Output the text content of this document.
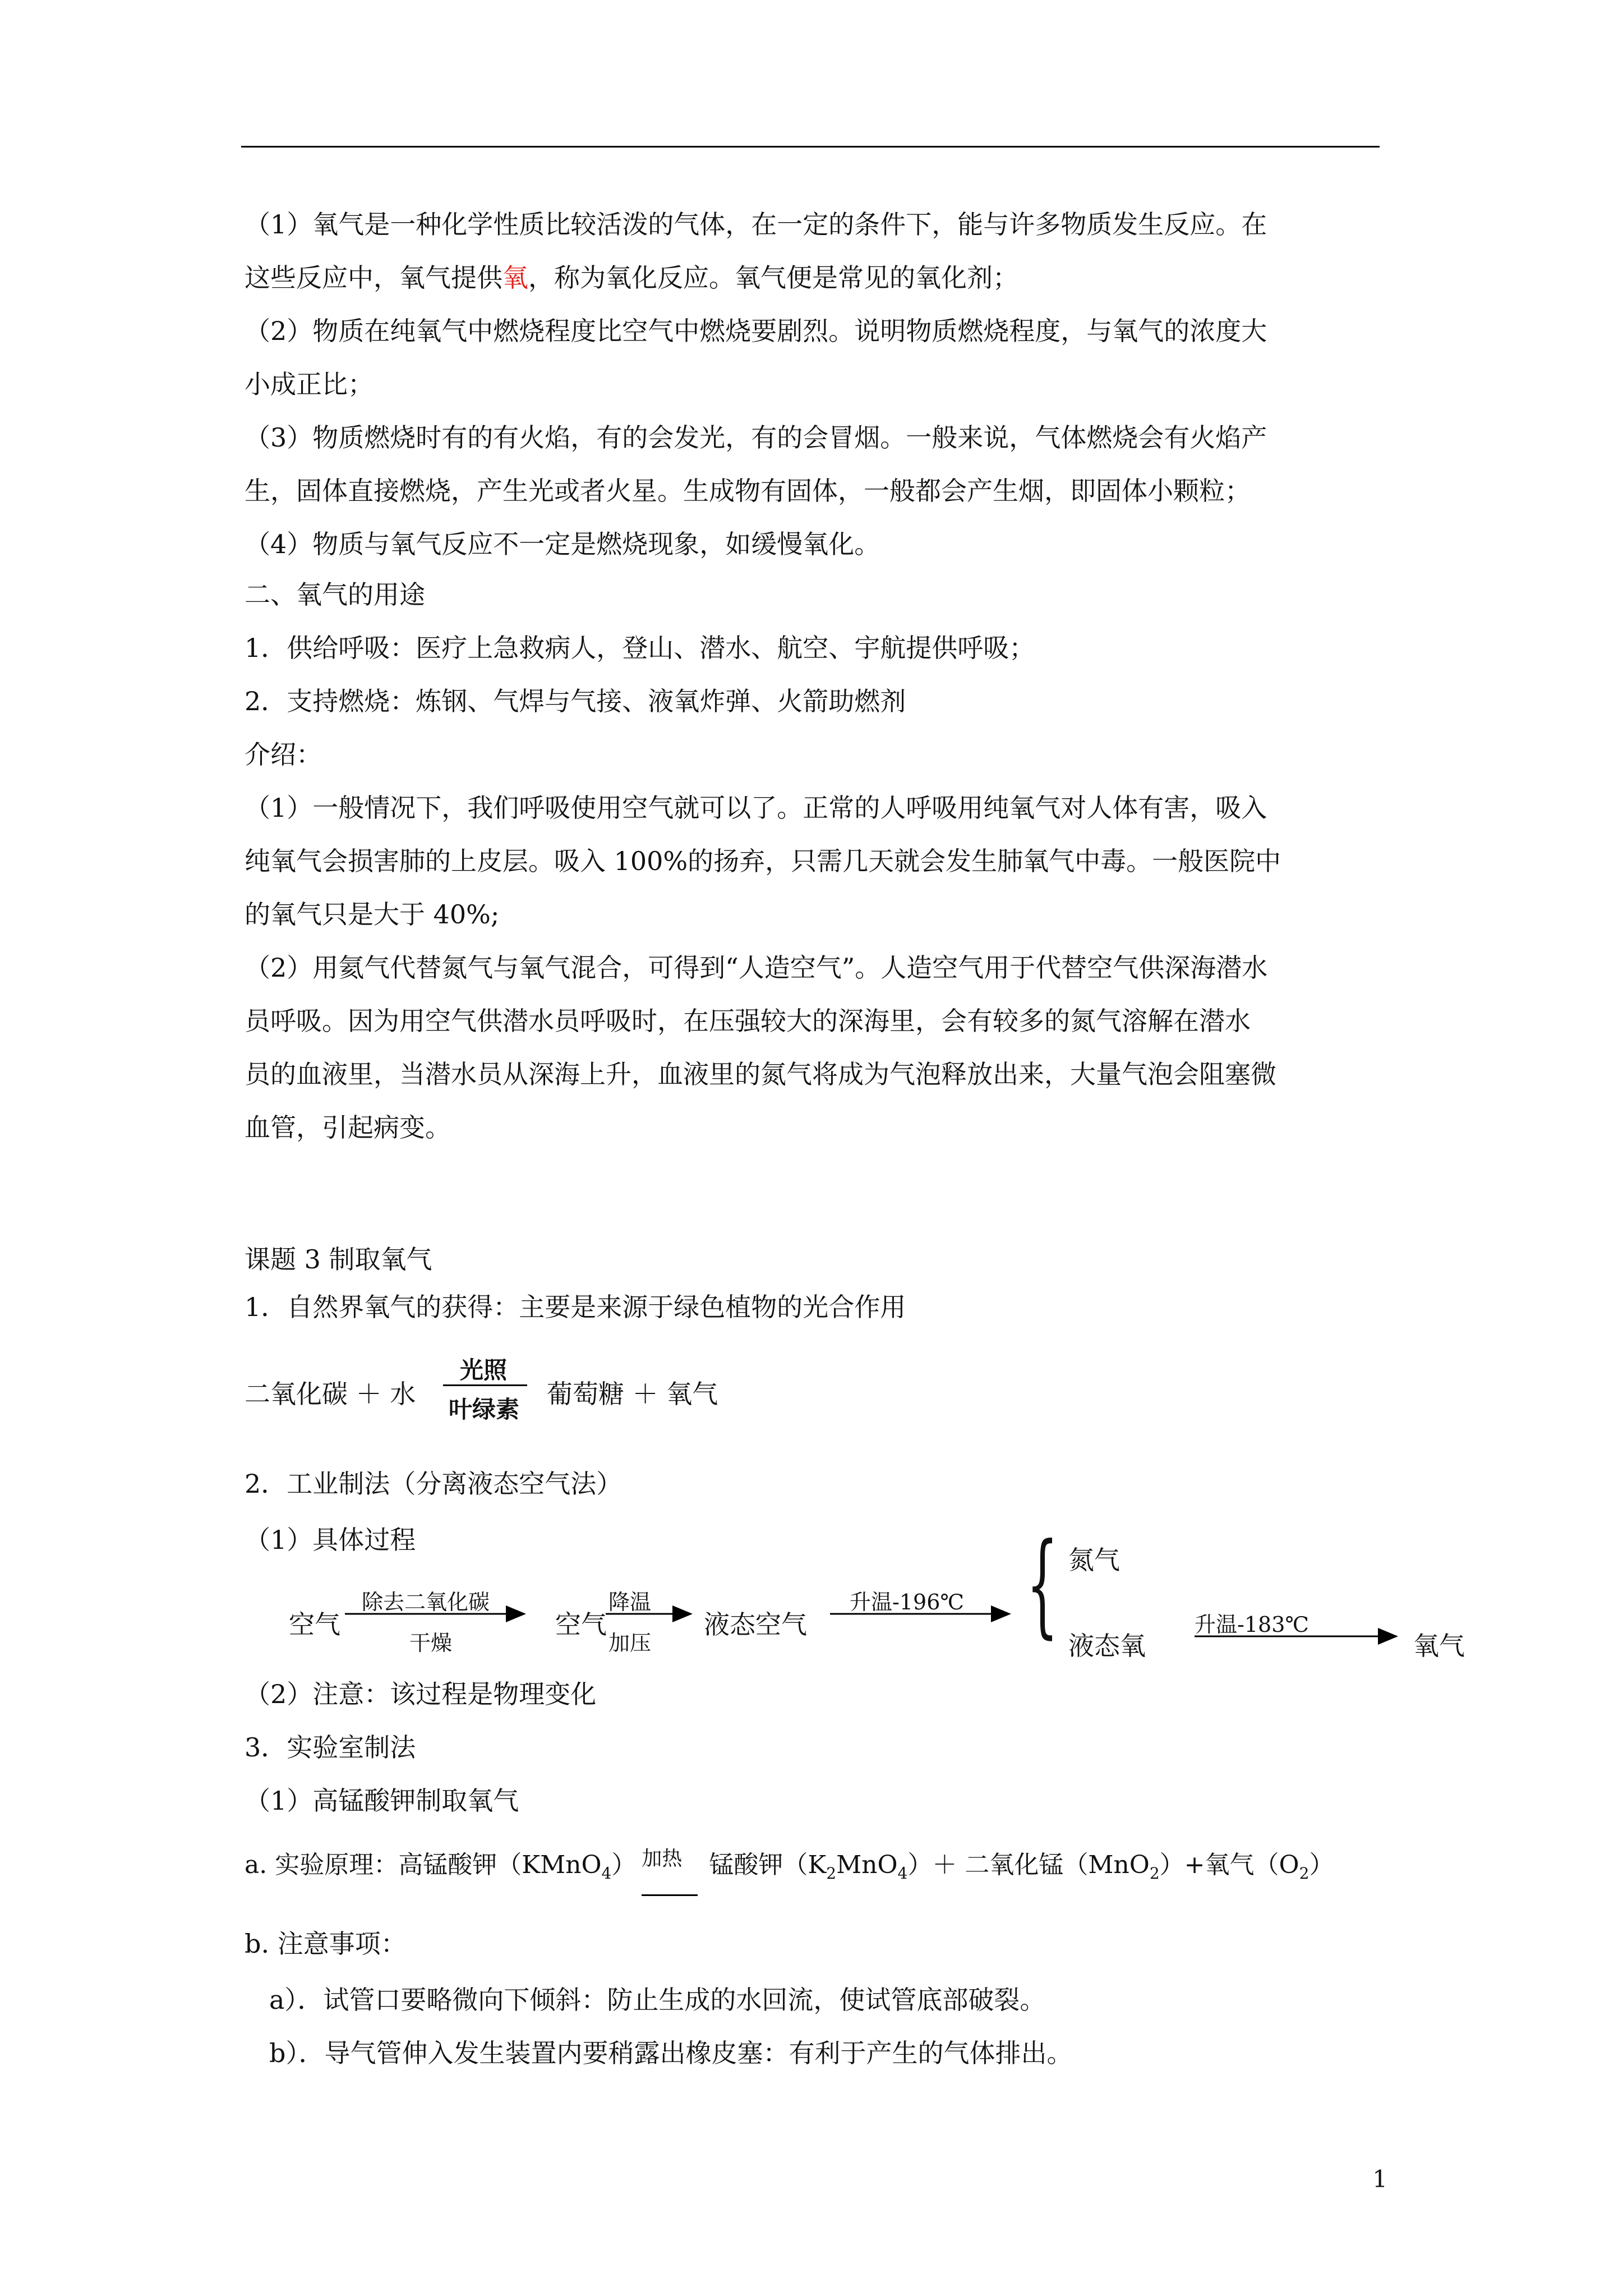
（1）氧气是一种化学性质比较活泼的气体，在一定的条件下，能与许多物质发生反应。在
这些反应中，氧气提供氧，称为氧化反应。氧气便是常见的氧化剂；
（2）物质在纯氧气中燃烧程度比空气中燃烧要剧烈。说明物质燃烧程度，与氧气的浓度大
小成正比；
（3）物质燃烧时有的有火焰，有的会发光，有的会冒烟。一般来说，气体燃烧会有火焰产
生，固体直接燃烧，产生光或者火星。生成物有固体，一般都会产生烟，即固体小颗粒；
（4）物质与氧气反应不一定是燃烧现象，如缓慢氧化。
二、氧气的用途
1．供给呼吸：医疗上急救病人，登山、潜水、航空、宇航提供呼吸；
2．支持燃烧：炼钢、气焊与气接、液氧炸弹、火箭助燃剂
介绍：
（1）一般情况下，我们呼吸使用空气就可以了。正常的人呼吸用纯氧气对人体有害，吸入
纯氧气会损害肺的上皮层。吸入 100%的扬弃，只需几天就会发生肺氧气中毒。一般医院中
的氧气只是大于 40%;
（2）用氦气代替氮气与氧气混合，可得到“人造空气”。人造空气用于代替空气供深海潜水
员呼吸。因为用空气供潜水员呼吸时，在压强较大的深海里，会有较多的氮气溶解在潜水
员的血液里，当潜水员从深海上升，血液里的氮气将成为气泡释放出来，大量气泡会阻塞微
血管，引起病变。
课题 3 制取氧气
1．自然界氧气的获得：主要是来源于绿色植物的光合作用
二氧化碳 ＋ 水
光照
叶绿素
葡萄糖 ＋ 氧气
2．工业制法（分离液态空气法）
（1）具体过程
空气
除去二氧化碳
干燥
空气
降温
加压
液态空气
升温-196℃ { 氮气
液态氧
升温-183℃
氧气
（2）注意：该过程是物理变化
3．实验室制法
（1）高锰酸钾制取氧气
a. 实验原理：高锰酸钾（KMnO$_4$） 加热 锰酸钾$(K_2MnO_4)+$ 二氧化锰（MnO$_2$）+氧气$(O_2)$
b. 注意事项：
a）．试管口要略微向下倾斜：防止生成的水回流，使试管底部破裂。
b）．导气管伸入发生装置内要稍露出橡皮塞：有利于产生的气体排出。
1
